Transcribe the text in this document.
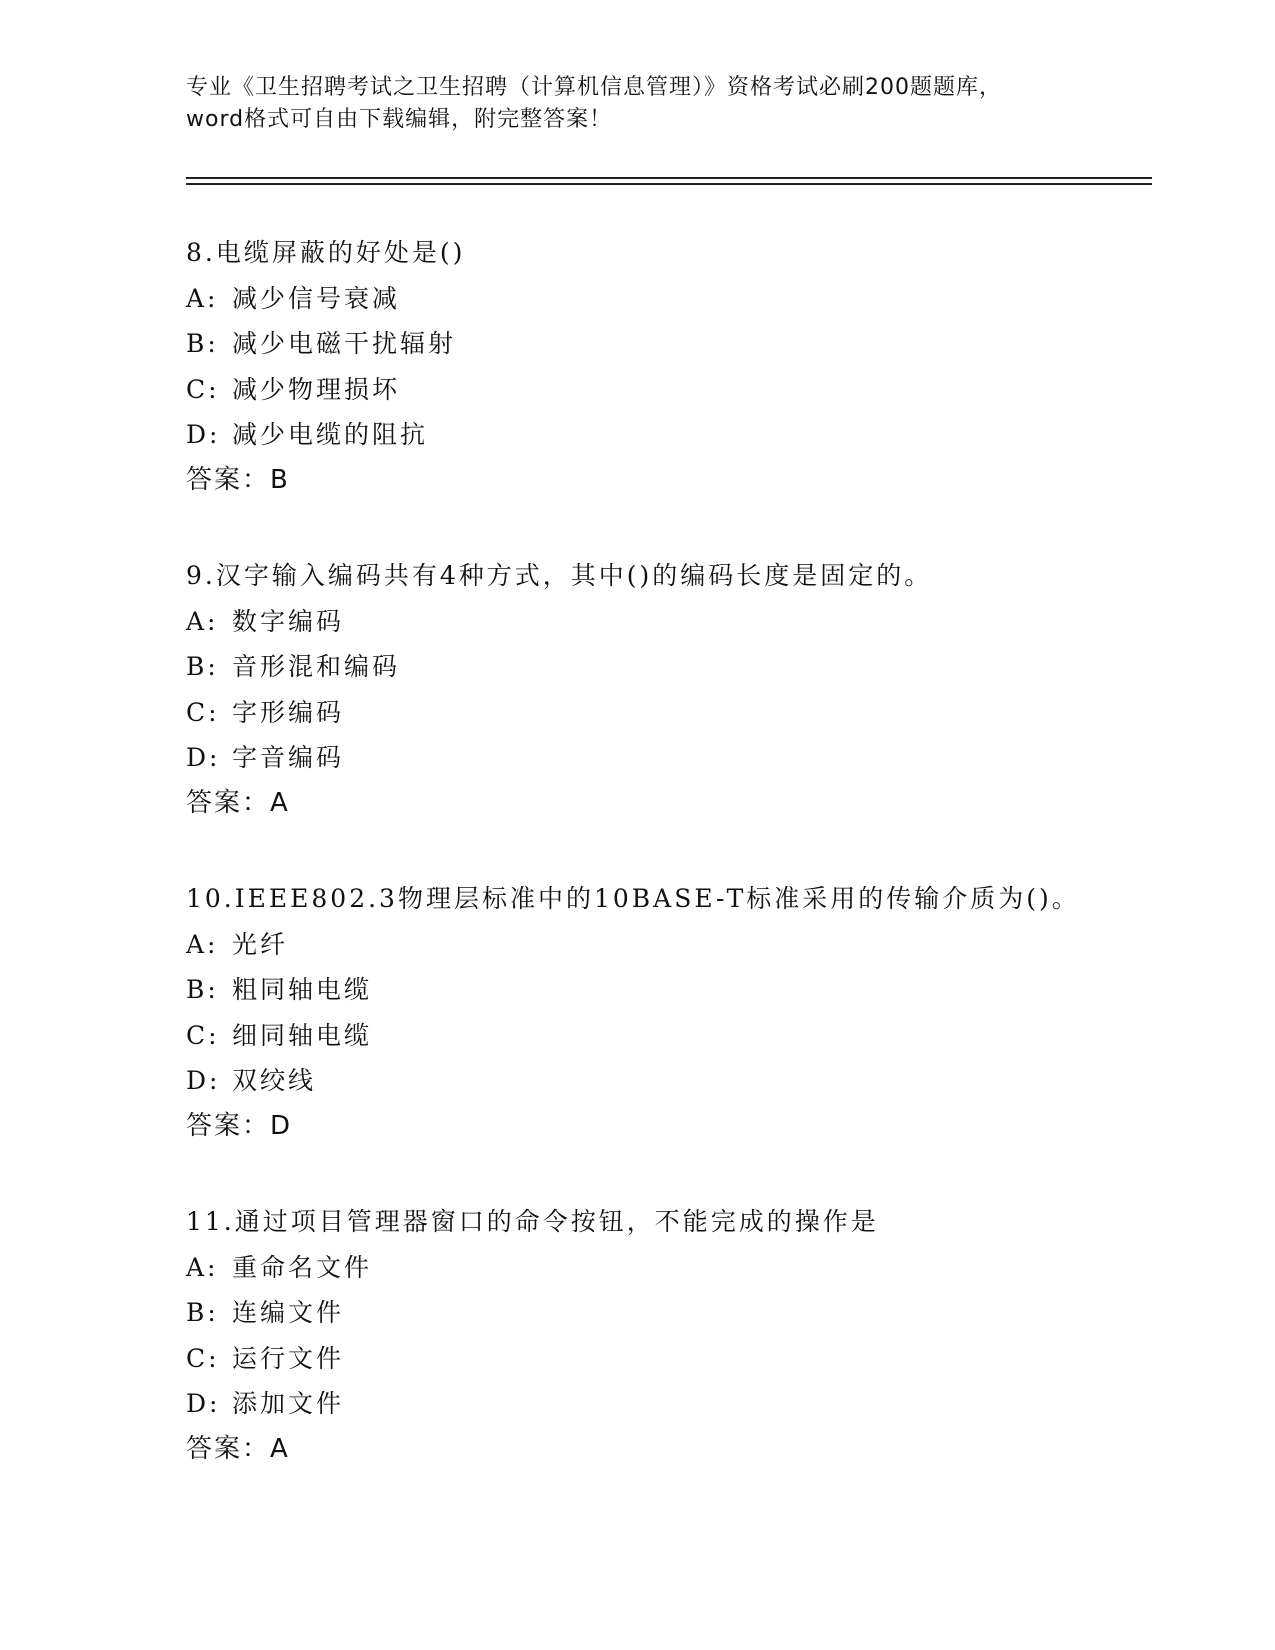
专业《卫生招聘考试之卫生招聘（计算机信息管理）》资格考试必刷200题题库，
word格式可自由下载编辑，附完整答案！
8.电缆屏蔽的好处是()
A: 减少信号衰减
B: 减少电磁干扰辐射
C: 减少物理损坏
D: 减少电缆的阻抗
答案：B
9.汉字输入编码共有4种方式，其中()的编码长度是固定的。
A: 数字编码
B: 音形混和编码
C: 字形编码
D: 字音编码
答案：A
10.IEEE802.3物理层标准中的10BASE-T标准采用的传输介质为()。
A: 光纤
B: 粗同轴电缆
C: 细同轴电缆
D: 双绞线
答案：D
11.通过项目管理器窗口的命令按钮，不能完成的操作是
A: 重命名文件
B: 连编文件
C: 运行文件
D: 添加文件
答案：A
